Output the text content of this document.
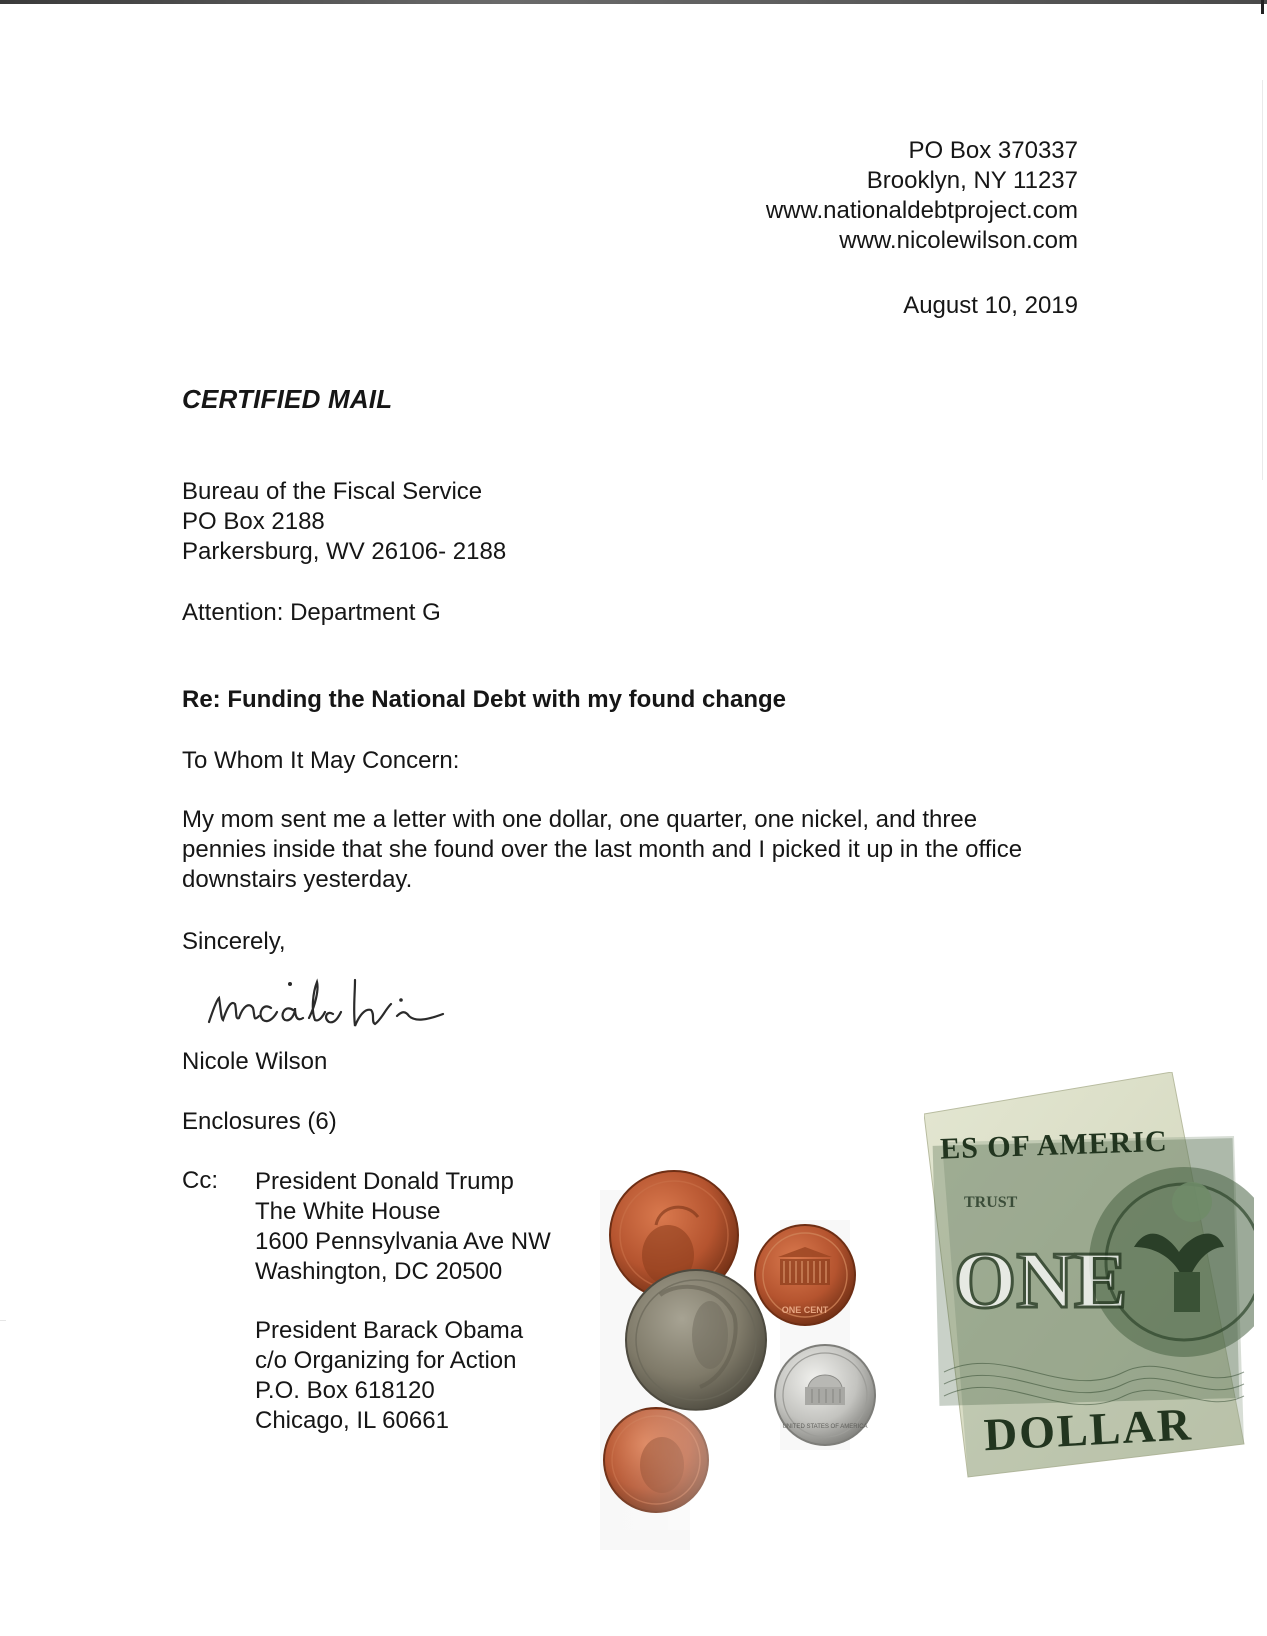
PO Box 370337
Brooklyn, NY 11237
www.nationaldebtproject.com
www.nicolewilson.com
August 10, 2019
CERTIFIED MAIL
Bureau of the Fiscal Service
PO Box 2188
Parkersburg, WV 26106- 2188
Attention: Department G
Re: Funding the National Debt with my found change
To Whom It May Concern:
My mom sent me a letter with one dollar, one quarter, one nickel, and three
pennies inside that she found over the last month and I picked it up in the office
downstairs yesterday.
Sincerely,
Nicole Wilson
Enclosures (6)
Cc: President Donald Trump
The White House
1600 Pennsylvania Ave NW
Washington, DC 20500
President Barack Obama
c/o Organizing for Action
P.O. Box 618120
Chicago, IL 60661
ONE CENT
UNITED STATES OF AMERICA
ES OF AMERIC
TRUST
ONE
DOLLAR
